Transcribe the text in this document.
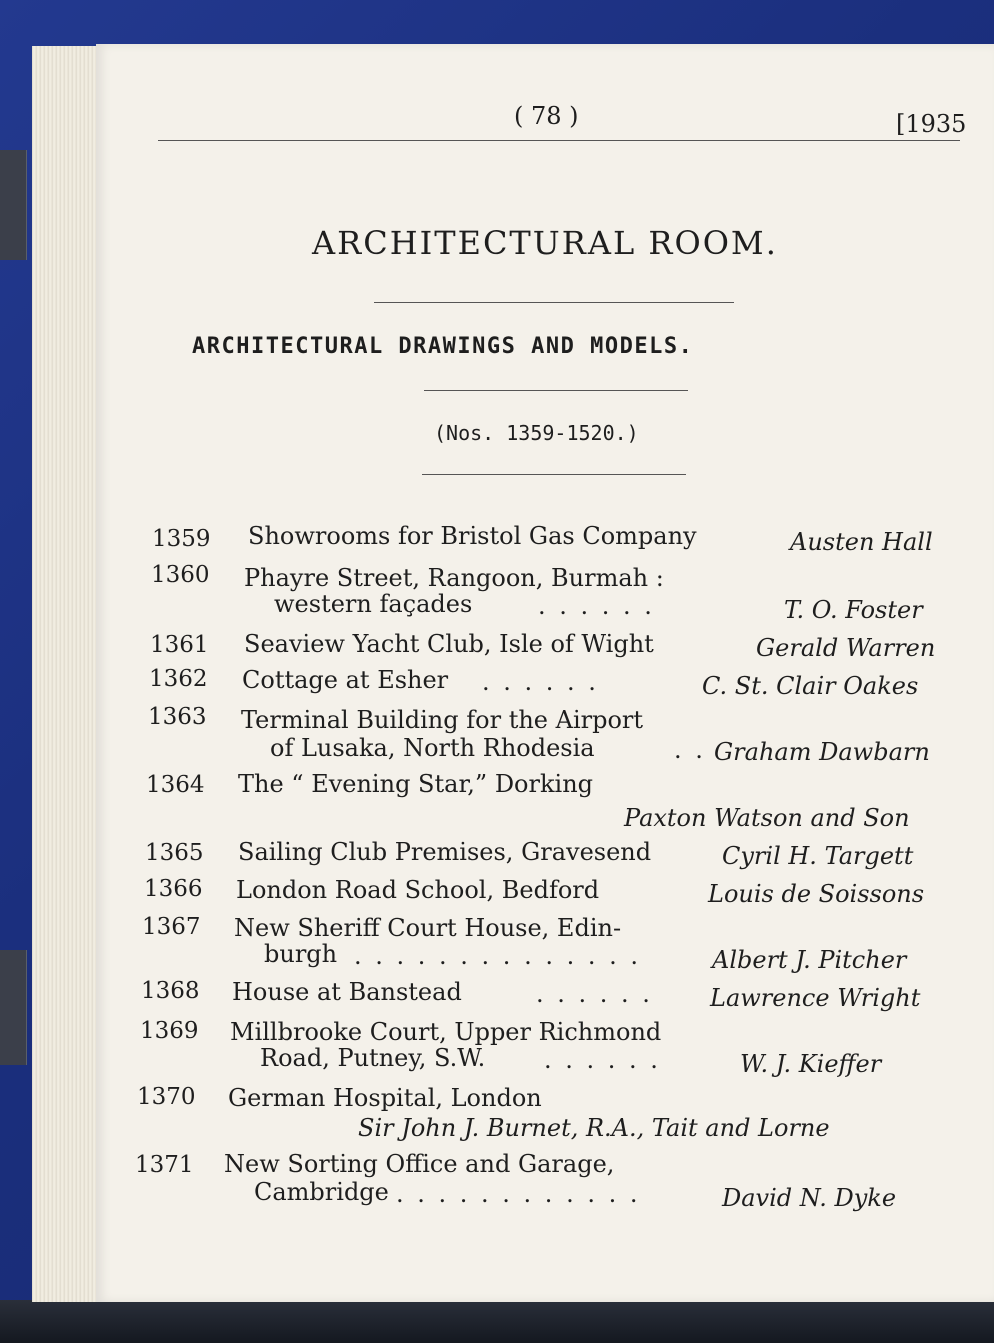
( 78 )	[1935
ARCHITECTURAL ROOM.
ARCHITECTURAL DRAWINGS AND MODELS.
(Nos. 1359-1520.)
1359 Showrooms for Bristol Gas Company	Austen Hall
1360 Phayre Street, Rangoon, Burmah :
western façades	. . . . . .	T. O. Foster
1361 Seaview Yacht Club, Isle of Wight	Gerald Warren
1362 Cottage at Esher . . . . . .	C. St. Clair Oakes
1363 Terminal Building for the Airport
of Lusaka, North Rhodesia	. . Graham Dawbarn
1364 The “ Evening Star,” Dorking
Paxton Watson and Son
1365 Sailing Club Premises, Gravesend	Cyril H. Targett
1366 London Road School, Bedford	Louis de Soissons
1367 New Sheriff Court House, Edin-
burgh . . . . . . . . . . . . . .	Albert J. Pitcher
1368 House at Banstead	. . . . . . Lawrence Wright
1369 Millbrooke Court, Upper Richmond
Road, Putney, S.W. . . . . . .	W. J. Kieffer
1370 German Hospital, London
Sir John J. Burnet, R.A., Tait and Lorne
1371 New Sorting Office and Garage,
Cambridge . . . . . . . . . . . .	David N. Dyke
